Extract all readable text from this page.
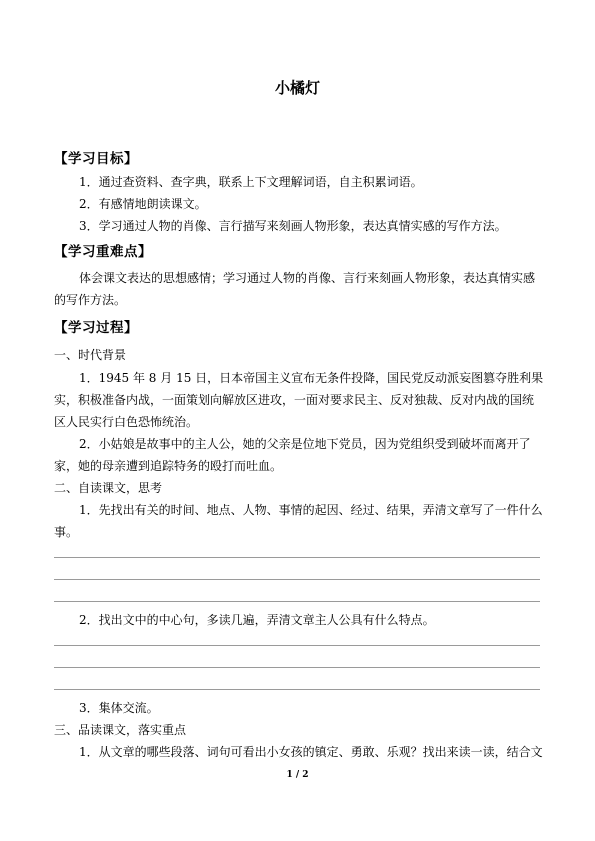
小橘灯
【学习目标】
1．通过查资料、查字典，联系上下文理解词语，自主积累词语。
2．有感情地朗读课文。
3．学习通过人物的肖像、言行描写来刻画人物形象，表达真情实感的写作方法。
【学习重难点】
体会课文表达的思想感情；学习通过人物的肖像、言行来刻画人物形象，表达真情实感
的写作方法。
【学习过程】
一、时代背景
1．1945 年 8 月 15 日，日本帝国主义宣布无条件投降，国民党反动派妄图篡夺胜利果
实，积极准备内战，一面策划向解放区进攻，一面对要求民主、反对独裁、反对内战的国统
区人民实行白色恐怖统治。
2．小姑娘是故事中的主人公，她的父亲是位地下党员，因为党组织受到破坏而离开了
家，她的母亲遭到追踪特务的殴打而吐血。
二、自读课文，思考
1．先找出有关的时间、地点、人物、事情的起因、经过、结果，弄清文章写了一件什么
事。
2．找出文中的中心句，多读几遍，弄清文章主人公具有什么特点。
3．集体交流。
三、品读课文，落实重点
1．从文章的哪些段落、词句可看出小女孩的镇定、勇敢、乐观？找出来读一读，结合文
1 / 2
